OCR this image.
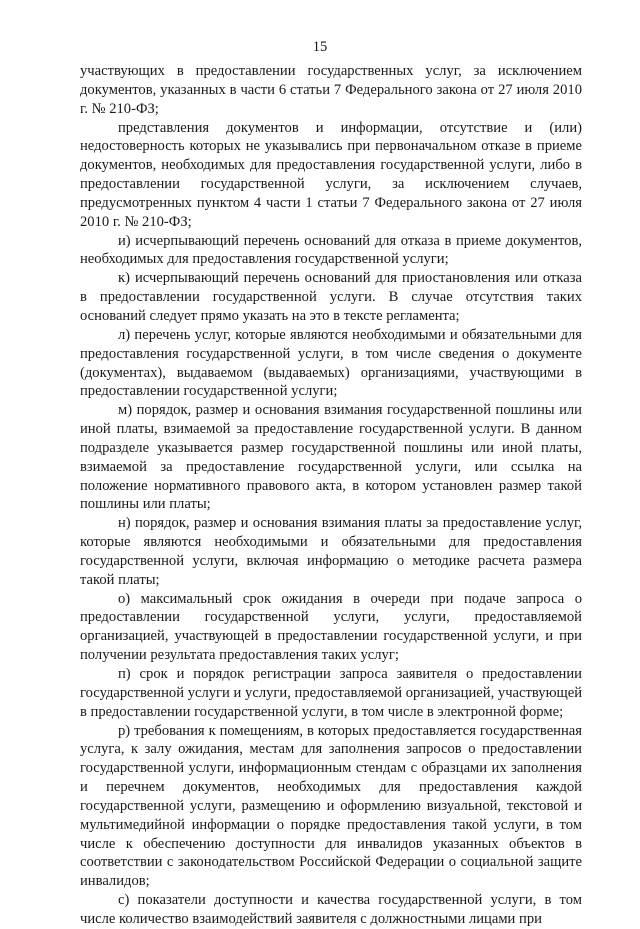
15

участвующих в предоставлении государственных услуг, за исключением документов, указанных в части 6 статьи 7 Федерального закона от 27 июля 2010 г. № 210-ФЗ;

представления документов и информации, отсутствие и (или) недостоверность которых не указывались при первоначальном отказе в приеме документов, необходимых для предоставления государственной услуги, либо в предоставлении государственной услуги, за исключением случаев, предусмотренных пунктом 4 части 1 статьи 7 Федерального закона от 27 июля 2010 г. № 210-ФЗ;

и) исчерпывающий перечень оснований для отказа в приеме документов, необходимых для предоставления государственной услуги;

к) исчерпывающий перечень оснований для приостановления или отказа в предоставлении государственной услуги. В случае отсутствия таких оснований следует прямо указать на это в тексте регламента;

л) перечень услуг, которые являются необходимыми и обязательными для предоставления государственной услуги, в том числе сведения о документе (документах), выдаваемом (выдаваемых) организациями, участвующими в предоставлении государственной услуги;

м) порядок, размер и основания взимания государственной пошлины или иной платы, взимаемой за предоставление государственной услуги. В данном подразделе указывается размер государственной пошлины или иной платы, взимаемой за предоставление государственной услуги, или ссылка на положение нормативного правового акта, в котором установлен размер такой пошлины или платы;

н) порядок, размер и основания взимания платы за предоставление услуг, которые являются необходимыми и обязательными для предоставления государственной услуги, включая информацию о методике расчета размера такой платы;

о) максимальный срок ожидания в очереди при подаче запроса о предоставлении государственной услуги, услуги, предоставляемой организацией, участвующей в предоставлении государственной услуги, и при получении результата предоставления таких услуг;

п) срок и порядок регистрации запроса заявителя о предоставлении государственной услуги и услуги, предоставляемой организацией, участвующей в предоставлении государственной услуги, в том числе в электронной форме;

р) требования к помещениям, в которых предоставляется государственная услуга, к залу ожидания, местам для заполнения запросов о предоставлении государственной услуги, информационным стендам с образцами их заполнения и перечнем документов, необходимых для предоставления каждой государственной услуги, размещению и оформлению визуальной, текстовой и мультимедийной информации о порядке предоставления такой услуги, в том числе к обеспечению доступности для инвалидов указанных объектов в соответствии с законодательством Российской Федерации о социальной защите инвалидов;

с) показатели доступности и качества государственной услуги, в том числе количество взаимодействий заявителя с должностными лицами при
